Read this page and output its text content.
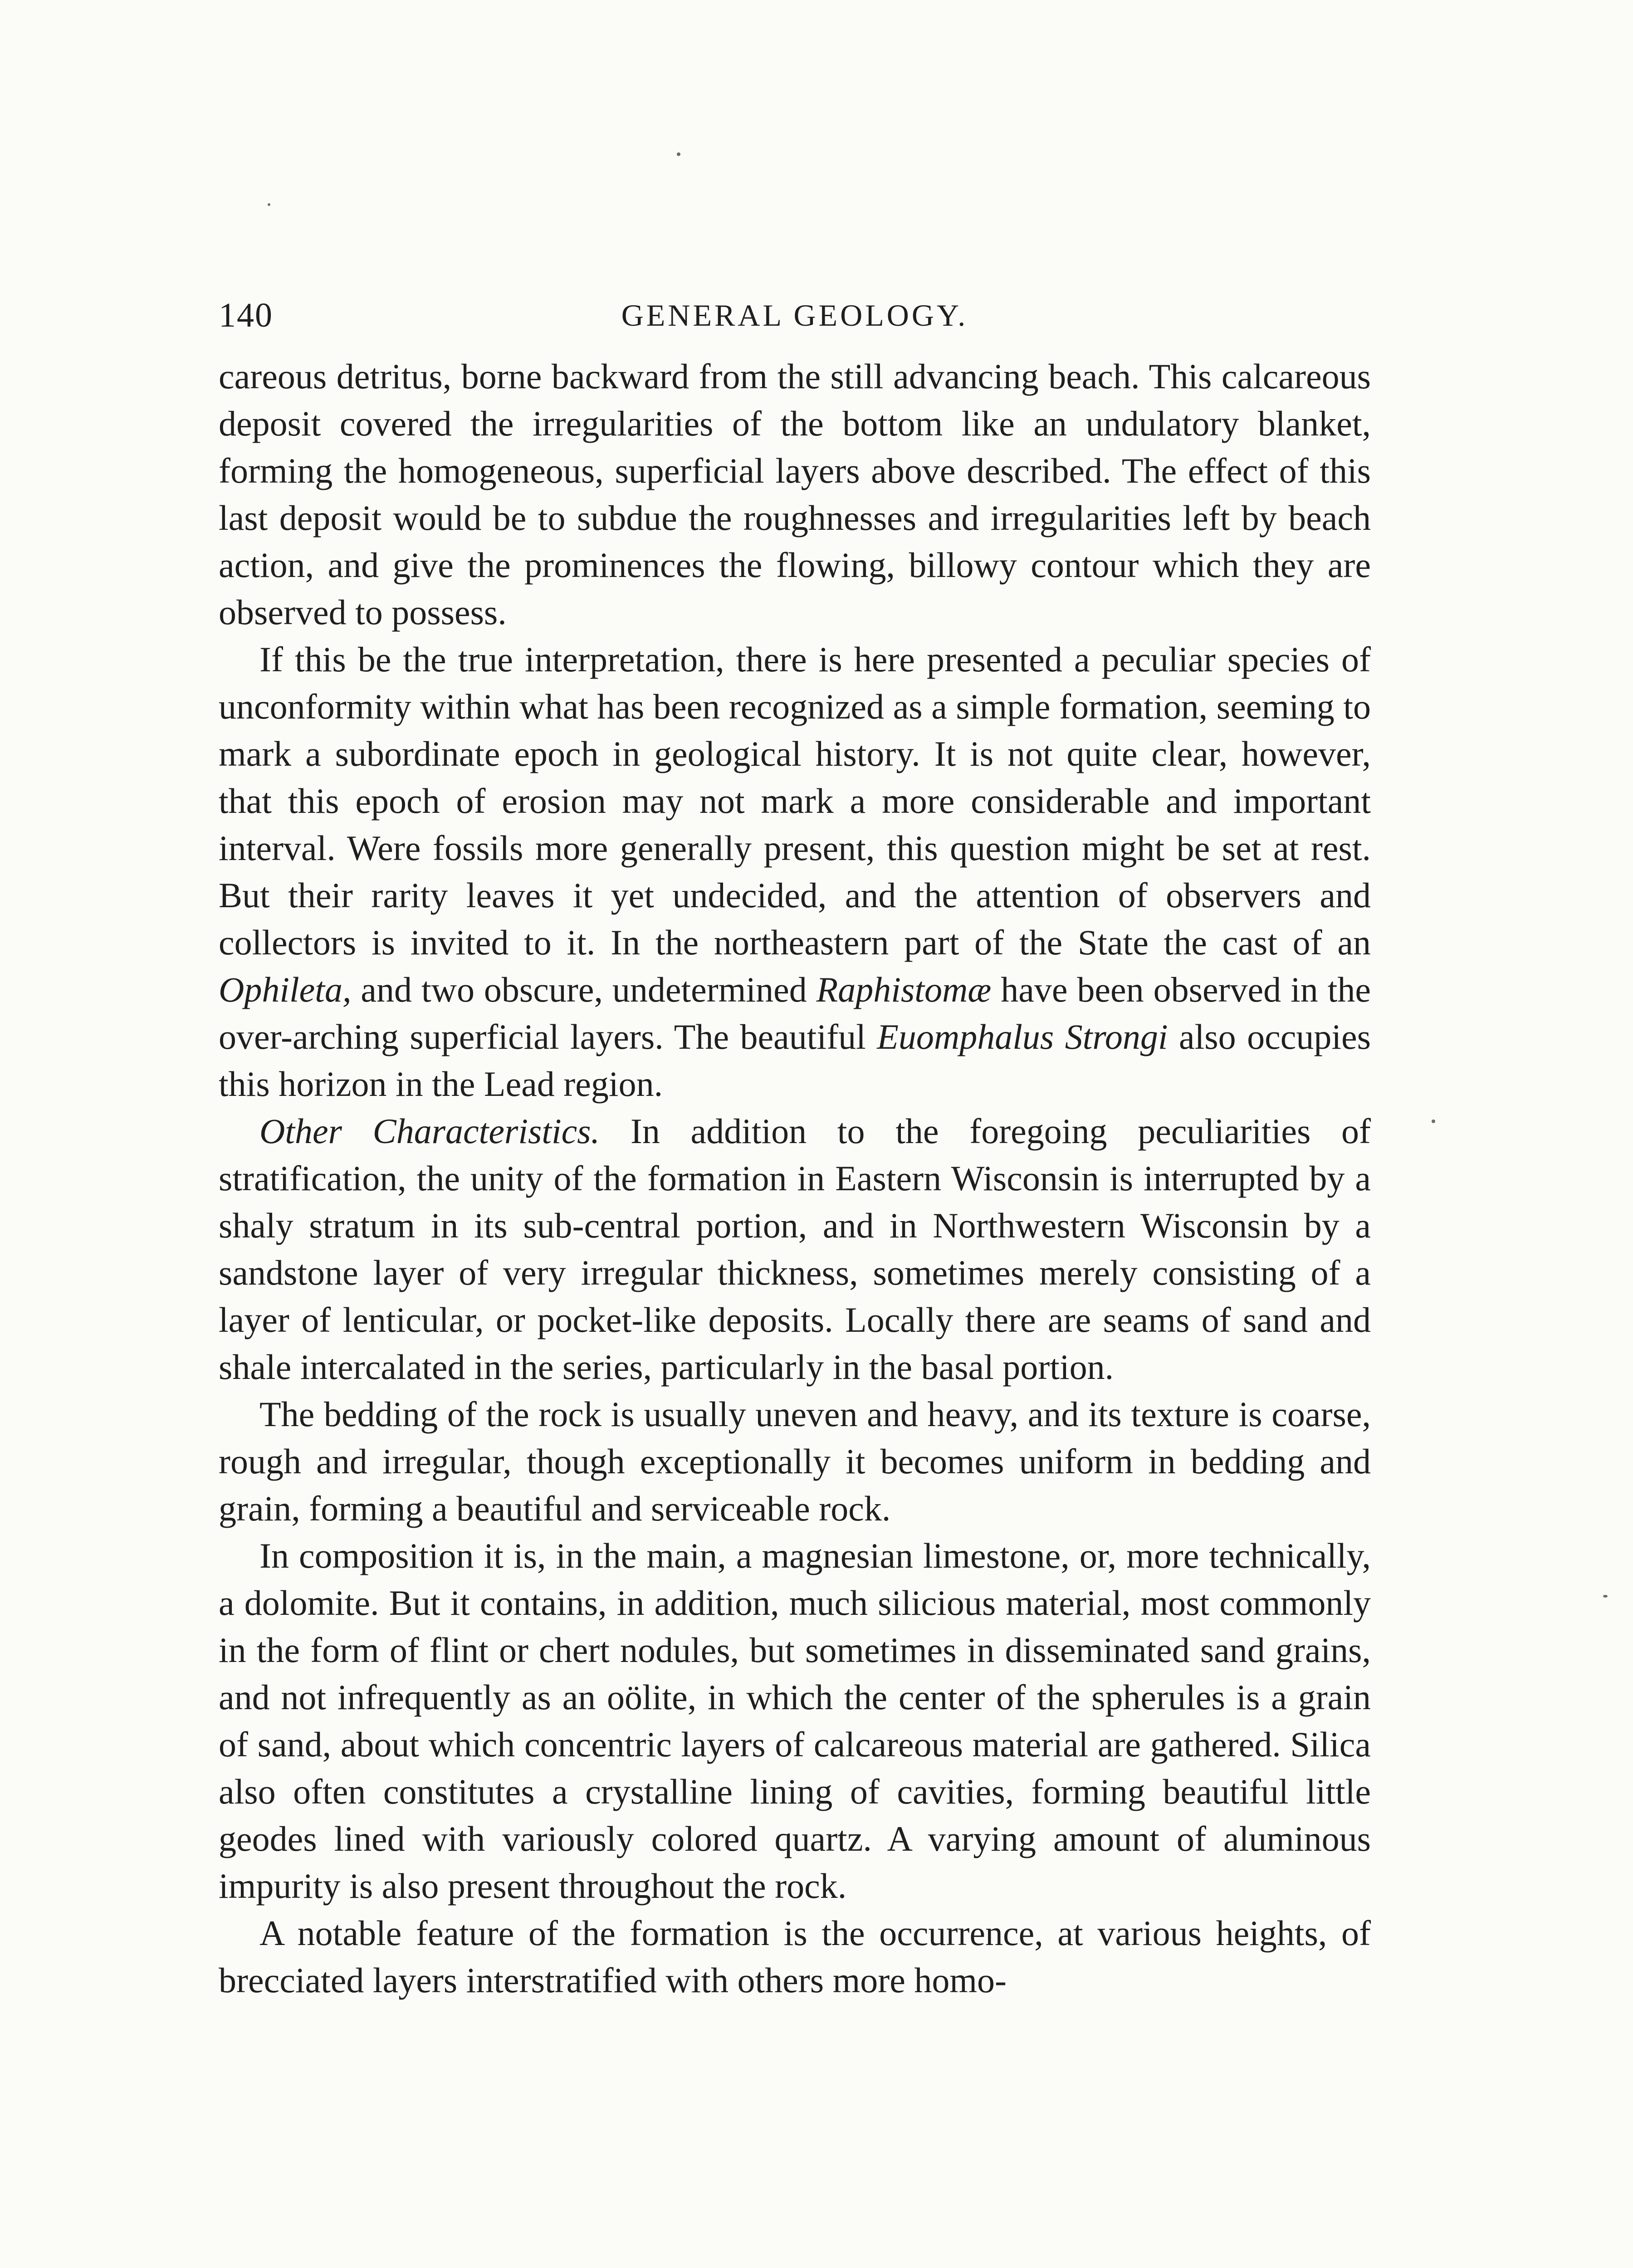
140	GENERAL GEOLOGY.

careous detritus, borne backward from the still advancing beach. This calcareous deposit covered the irregularities of the bottom like an undulatory blanket, forming the homogeneous, superficial layers above described. The effect of this last deposit would be to subdue the roughnesses and irregularities left by beach action, and give the prominences the flowing, billowy contour which they are observed to possess.

If this be the true interpretation, there is here presented a peculiar species of unconformity within what has been recognized as a simple formation, seeming to mark a subordinate epoch in geological history. It is not quite clear, however, that this epoch of erosion may not mark a more considerable and important interval. Were fossils more generally present, this question might be set at rest. But their rarity leaves it yet undecided, and the attention of observers and collectors is invited to it. In the northeastern part of the State the cast of an Ophileta, and two obscure, undetermined Raphistomæ have been observed in the over-arching superficial layers. The beautiful Euomphalus Strongi also occupies this horizon in the Lead region.

Other Characteristics. In addition to the foregoing peculiarities of stratification, the unity of the formation in Eastern Wisconsin is interrupted by a shaly stratum in its sub-central portion, and in Northwestern Wisconsin by a sandstone layer of very irregular thickness, sometimes merely consisting of a layer of lenticular, or pocket-like deposits. Locally there are seams of sand and shale intercalated in the series, particularly in the basal portion.

The bedding of the rock is usually uneven and heavy, and its texture is coarse, rough and irregular, though exceptionally it becomes uniform in bedding and grain, forming a beautiful and serviceable rock.

In composition it is, in the main, a magnesian limestone, or, more technically, a dolomite. But it contains, in addition, much silicious material, most commonly in the form of flint or chert nodules, but sometimes in disseminated sand grains, and not infrequently as an oölite, in which the center of the spherules is a grain of sand, about which concentric layers of calcareous material are gathered. Silica also often constitutes a crystalline lining of cavities, forming beautiful little geodes lined with variously colored quartz. A varying amount of aluminous impurity is also present throughout the rock.

A notable feature of the formation is the occurrence, at various heights, of brecciated layers interstratified with others more homo-
